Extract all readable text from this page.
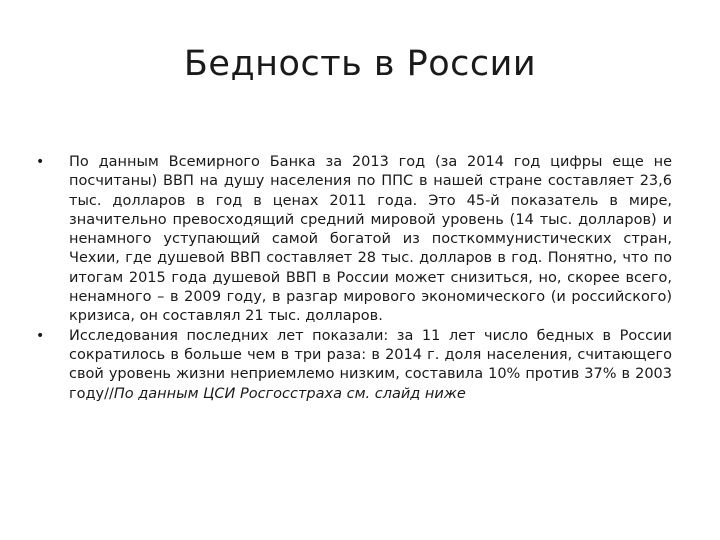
Бедность в России
•	По данным Всемирного Банка за 2013 год (за 2014 год цифры еще не посчитаны) ВВП на душу населения по ППС в нашей стране составляет 23,6 тыс. долларов в год в ценах 2011 года. Это 45-й показатель в мире, значительно превосходящий средний мировой уровень (14 тыс. долларов) и ненамного уступающий самой богатой из посткоммунистических стран, Чехии, где душевой ВВП составляет 28 тыс. долларов в год. Понятно, что по итогам 2015 года душевой ВВП в России может снизиться, но, скорее всего, ненамного – в 2009 году, в разгар мирового экономического (и российского) кризиса, он составлял 21 тыс. долларов.
•	Исследования последних лет показали: за 11 лет число бедных в России сократилось в больше чем в три раза: в 2014 г. доля населения, считающего свой уровень жизни неприемлемо низким, составила 10% против 37% в 2003 году//По данным ЦСИ Росгосстраха см. слайд ниже
